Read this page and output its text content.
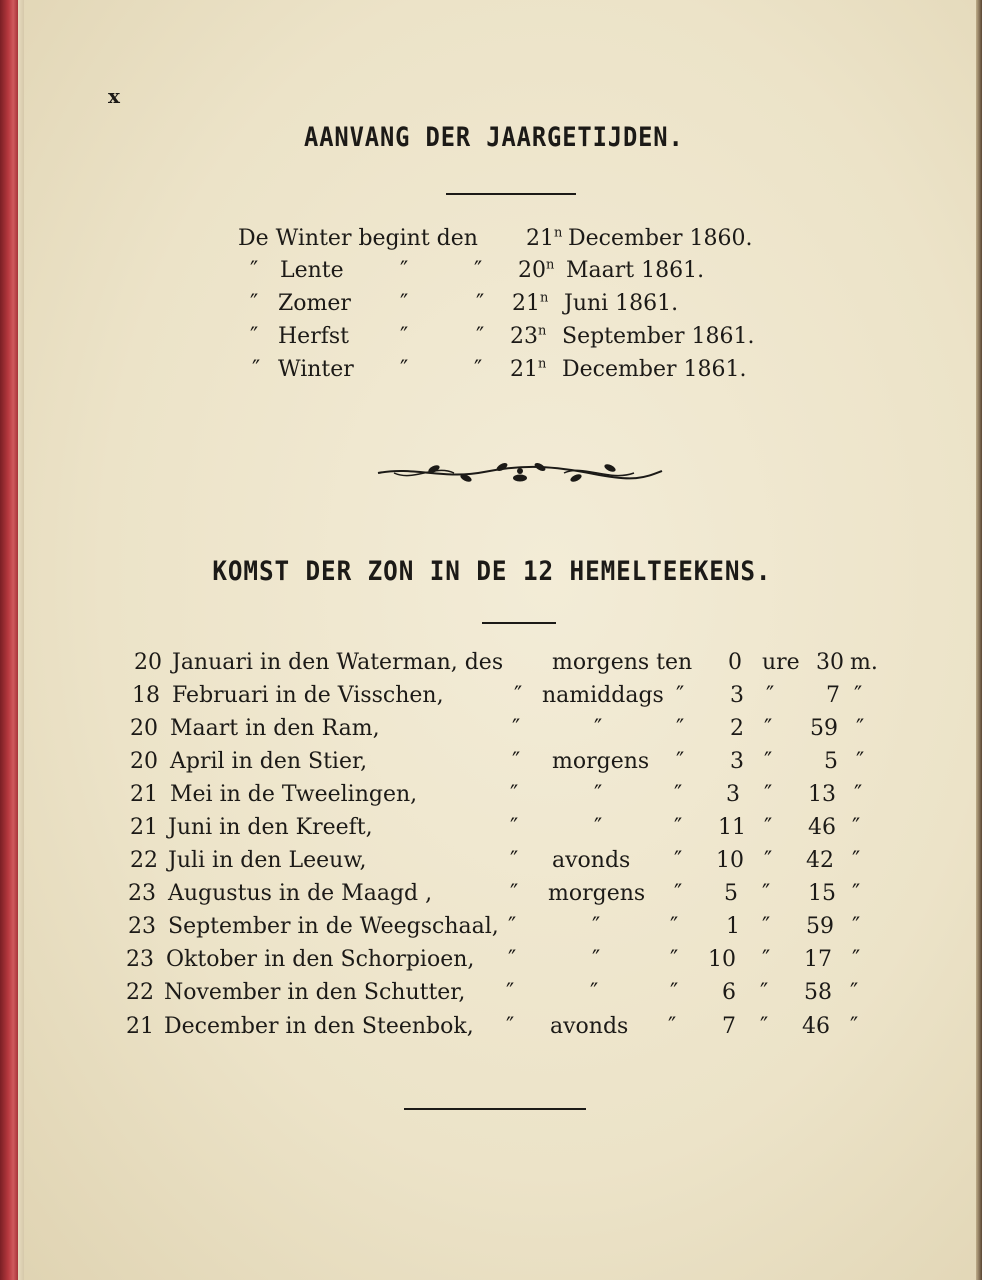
x
AANVANG DER JAARGETIJDEN.
De Winter begint den 21$^n$ December 1860.
″ Lente	″	″ 20$^n$ Maart 1861.
″ Zomer ″	″ 21$^n$ Juni 1861.
″ Herfst ″	″ 23$^n$ September 1861.
″ Winter ″	″ 21$^n$ December 1861.
KOMST DER ZON IN DE 12 HEMELTEEKENS.
20 Januari in den Waterman, des morgens ten 0 ure 30 m.
18 Februari in de Visschen,	″ namiddags ″ 3 ″ 7 ″
20 Maart in den Ram,	″	″	″ 2 ″ 59 ″
20 April in den Stier,	″ morgens ″ 3 ″ 5 ″
21 Mei in de Tweelingen,	″	″	″ 3 ″ 13 ″
21 Juni in den Kreeft,	″	″	″ 11 ″ 46 ″
22 Juli in den Leeuw,	″ avonds ″ 10 ″ 42 ″
23 Augustus in de Maagd ,	″ morgens ″ 5 ″ 15 ″
23 September in de Weegschaal, ″	″	″ 1 ″ 59 ″
23 Oktober in den Schorpioen, ″	″	″ 10 ″ 17 ″
22 November in den Schutter, ″	″	″ 6 ″ 58 ″
21 December in den Steenbok, ″ avonds ″ 7 ″ 46 ″
